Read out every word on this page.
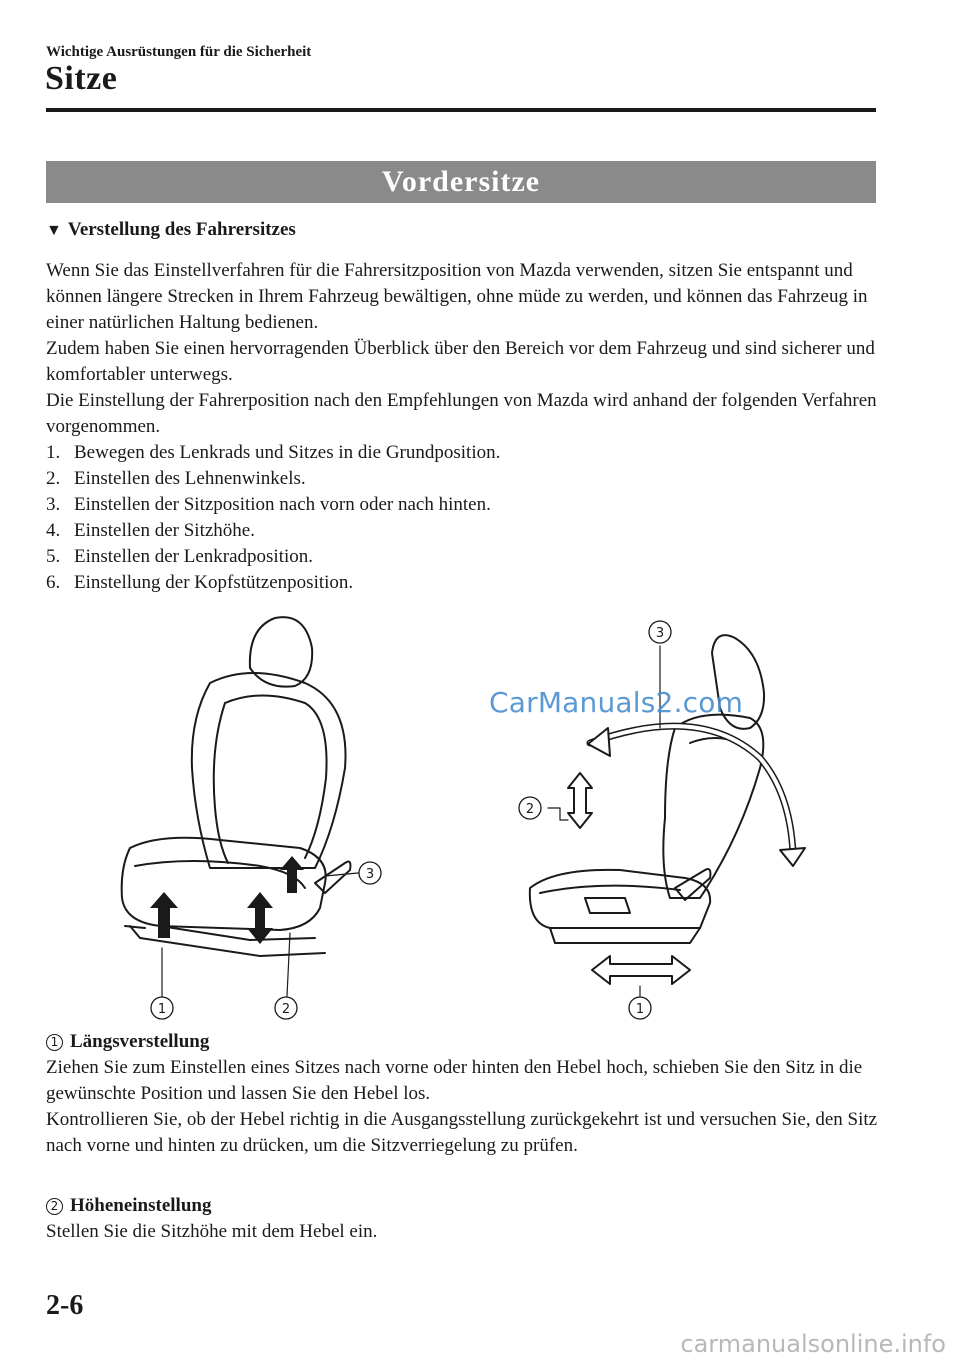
Wichtige Ausrüstungen für die Sicherheit
Sitze
Vordersitze
▼ Verstellung des Fahrersitzes

Wenn Sie das Einstellverfahren für die Fahrersitzposition von Mazda verwenden, sitzen Sie entspannt und können längere Strecken in Ihrem Fahrzeug bewältigen, ohne müde zu werden, und können das Fahrzeug in einer natürlichen Haltung bedienen.

Zudem haben Sie einen hervorragenden Überblick über den Bereich vor dem Fahrzeug und sind sicherer und komfortabler unterwegs.

Die Einstellung der Fahrerposition nach den Empfehlungen von Mazda wird anhand der folgenden Verfahren vorgenommen.

1. Bewegen des Lenkrads und Sitzes in die Grundposition.
2. Einstellen des Lehnenwinkels.
3. Einstellen der Sitzposition nach vorn oder nach hinten.
4. Einstellen der Sitzhöhe.
5. Einstellen der Lenkradposition.
6. Einstellung der Kopfstützenposition.
1	2
3
1
2
3
CarManuals2.com
1 Längsverstellung

Ziehen Sie zum Einstellen eines Sitzes nach vorne oder hinten den Hebel hoch, schieben Sie den Sitz in die gewünschte Position und lassen Sie den Hebel los.

Kontrollieren Sie, ob der Hebel richtig in die Ausgangsstellung zurückgekehrt ist und versuchen Sie, den Sitz nach vorne und hinten zu drücken, um die Sitzverriegelung zu prüfen.

2 Höheneinstellung

Stellen Sie die Sitzhöhe mit dem Hebel ein.

2-6
carmanualsonline.info
